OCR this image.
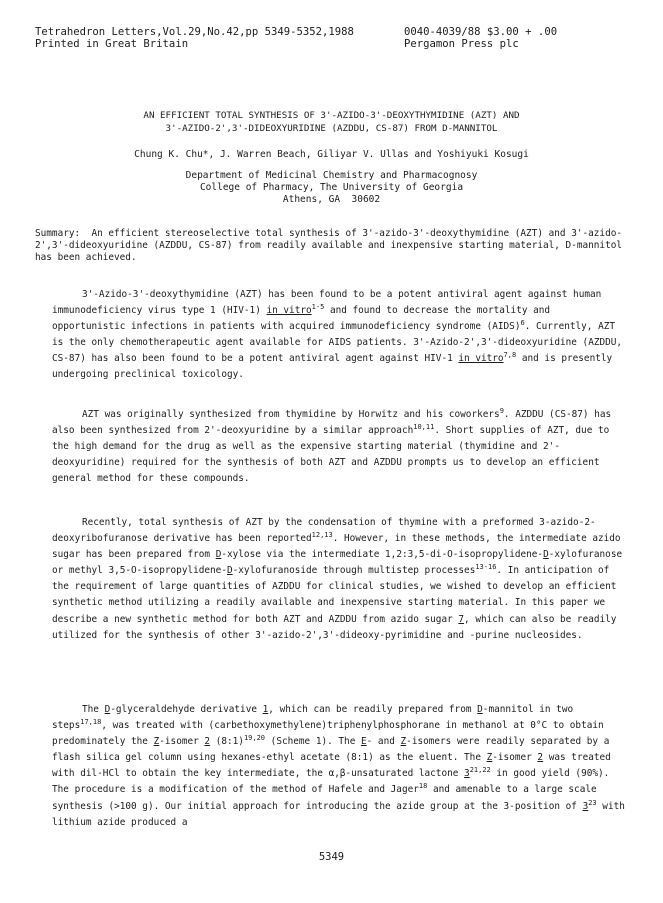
Tetrahedron Letters,Vol.29,No.42,pp 5349-5352,1988
Printed in Great Britain
0040-4039/88 $3.00 + .00
Pergamon Press plc
AN EFFICIENT TOTAL SYNTHESIS OF 3'-AZIDO-3'-DEOXYTHYMIDINE (AZT) AND
3'-AZIDO-2',3'-DIDEOXYURIDINE (AZDDU, CS-87) FROM D-MANNITOL
Chung K. Chu*, J. Warren Beach, Giliyar V. Ullas and Yoshiyuki Kosugi
Department of Medicinal Chemistry and Pharmacognosy
College of Pharmacy, The University of Georgia
Athens, GA  30602
Summary: An efficient stereoselective total synthesis of 3'-azido-3'-deoxythymidine (AZT) and 3'-azido-2',3'-dideoxyuridine (AZDDU, CS-87) from readily available and inexpensive starting material, D-mannitol has been achieved.
3'-Azido-3'-deoxythymidine (AZT) has been found to be a potent antiviral agent against human immunodeficiency virus type 1 (HIV-1) in vitro$^{1-5}$ and found to decrease the mortality and opportunistic infections in patients with acquired immunodeficiency syndrome (AIDS)$^6$. Currently, AZT is the only chemotherapeutic agent available for AIDS patients. 3'-Azido-2',3'-dideoxyuridine (AZDDU, CS-87) has also been found to be a potent antiviral agent against HIV-1 in vitro$^{7,8}$ and is presently undergoing preclinical toxicology.
AZT was originally synthesized from thymidine by Horwitz and his coworkers$^9$. AZDDU (CS-87) has also been synthesized from 2'-deoxyuridine by a similar approach$^{10,11}$. Short supplies of AZT, due to the high demand for the drug as well as the expensive starting material (thymidine and 2'-deoxyuridine) required for the synthesis of both AZT and AZDDU prompts us to develop an efficient general method for these compounds.
Recently, total synthesis of AZT by the condensation of thymine with a preformed 3-azido-2-deoxyribofuranose derivative has been reported$^{12,13}$. However, in these methods, the intermediate azido sugar has been prepared from D-xylose via the intermediate 1,2:3,5-di-O-isopropylidene-D-xylofuranose or methyl 3,5-O-isopropylidene-D-xylofuranoside through multistep processes$^{13-16}$. In anticipation of the requirement of large quantities of AZDDU for clinical studies, we wished to develop an efficient synthetic method utilizing a readily available and inexpensive starting material. In this paper we describe a new synthetic method for both AZT and AZDDU from azido sugar 7, which can also be readily utilized for the synthesis of other 3'-azido-2',3'-dideoxy-pyrimidine and -purine nucleosides.
The D-glyceraldehyde derivative 1, which can be readily prepared from D-mannitol in two steps$^{17,18}$, was treated with (carbethoxymethylene)triphenylphosphorane in methanol at 0°C to obtain predominately the Z-isomer 2 (8:1)$^{19,20}$ (Scheme 1). The E- and Z-isomers were readily separated by a flash silica gel column using hexanes-ethyl acetate (8:1) as the eluent. The Z-isomer 2 was treated with dil-HCl to obtain the key intermediate, the α,β-unsaturated lactone 3$^{21,22}$ in good yield (90%). The procedure is a modification of the method of Hafele and Jager$^{18}$ and amenable to a large scale synthesis (>100 g). Our initial approach for introducing the azide group at the 3-position of $3^{23}$ with lithium azide produced a
5349
